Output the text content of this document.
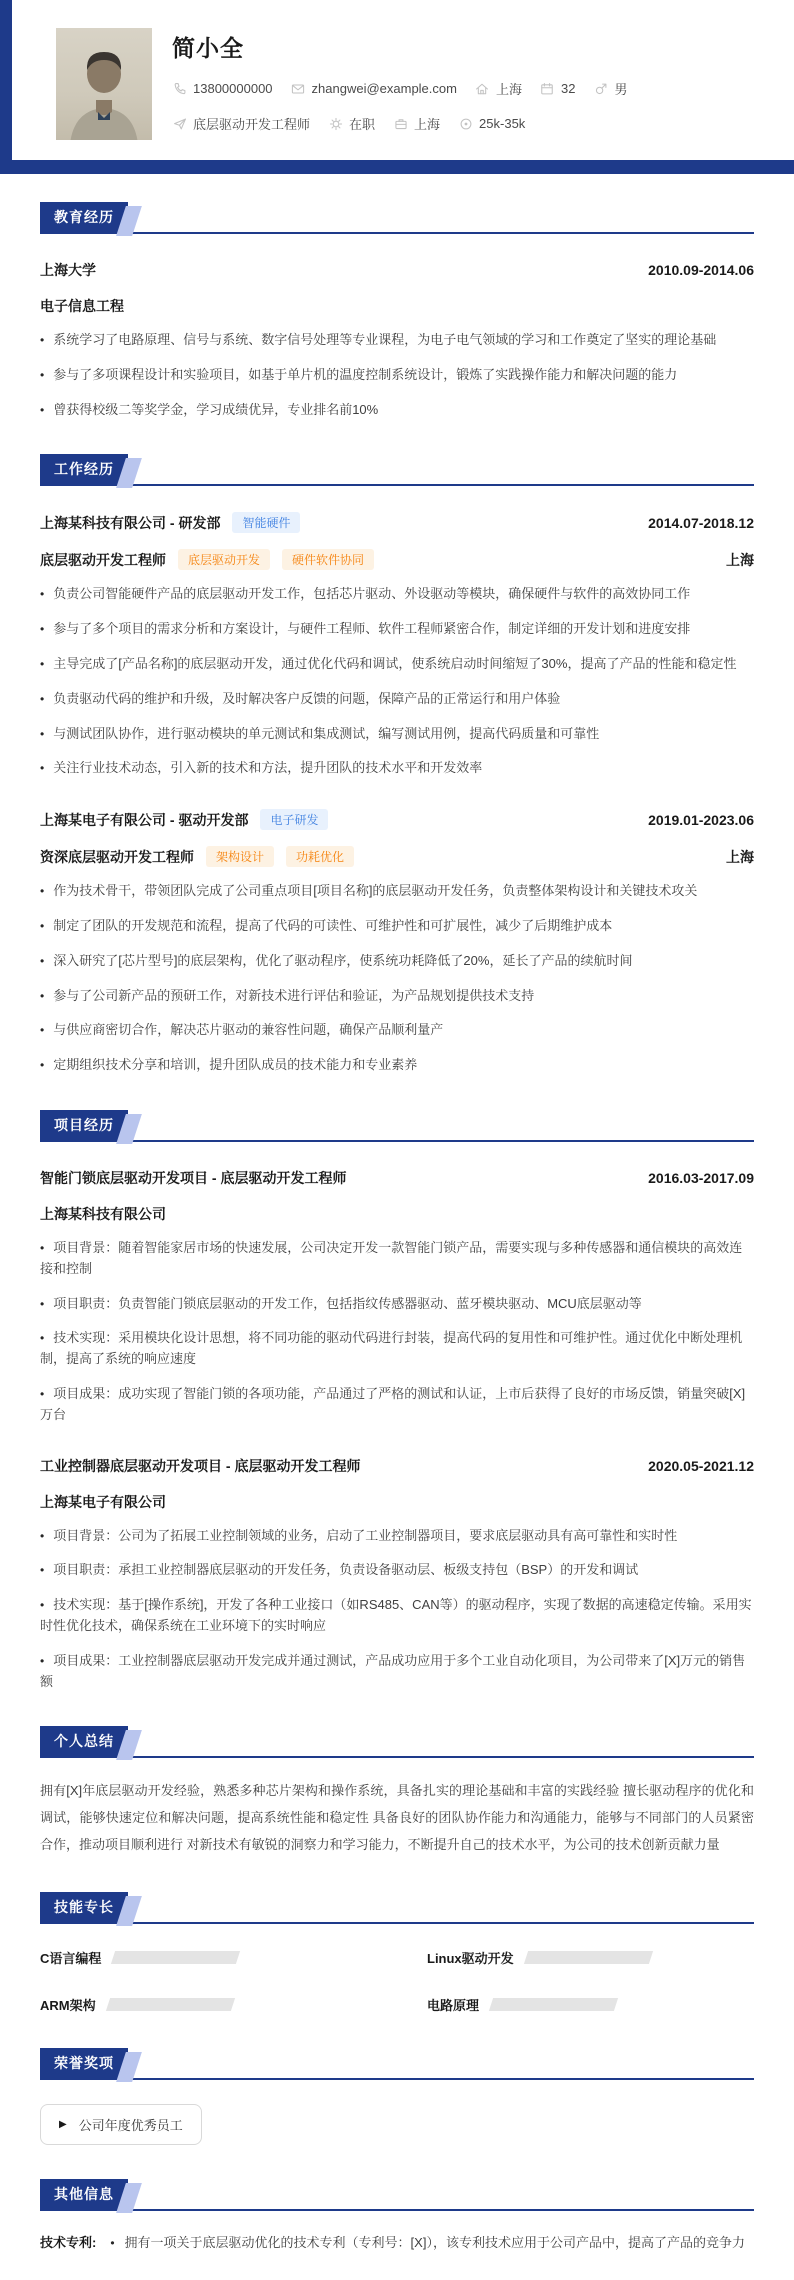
简小全
13800000000	zhangwei@example.com	上海	32	男
底层驱动开发工程师	在职	上海	25k-35k
教育经历
上海大学	2010.09-2014.06
电子信息工程
• 系统学习了电路原理、信号与系统、数字信号处理等专业课程，为电子电气领域的学习和工作奠定了坚实的理论基础
• 参与了多项课程设计和实验项目，如基于单片机的温度控制系统设计，锻炼了实践操作能力和解决问题的能力
• 曾获得校级二等奖学金，学习成绩优异，专业排名前10%
工作经历
上海某科技有限公司 - 研发部	智能硬件	2014.07-2018.12
底层驱动开发工程师	底层驱动开发	硬件软件协同	上海
• 负责公司智能硬件产品的底层驱动开发工作，包括芯片驱动、外设驱动等模块，确保硬件与软件的高效协同工作
• 参与了多个项目的需求分析和方案设计，与硬件工程师、软件工程师紧密合作，制定详细的开发计划和进度安排
• 主导完成了[产品名称]的底层驱动开发，通过优化代码和调试，使系统启动时间缩短了30%，提高了产品的性能和稳定性
• 负责驱动代码的维护和升级，及时解决客户反馈的问题，保障产品的正常运行和用户体验
• 与测试团队协作，进行驱动模块的单元测试和集成测试，编写测试用例，提高代码质量和可靠性
• 关注行业技术动态，引入新的技术和方法，提升团队的技术水平和开发效率
上海某电子有限公司 - 驱动开发部	电子研发	2019.01-2023.06
资深底层驱动开发工程师	架构设计	功耗优化	上海
• 作为技术骨干，带领团队完成了公司重点项目[项目名称]的底层驱动开发任务，负责整体架构设计和关键技术攻关
• 制定了团队的开发规范和流程，提高了代码的可读性、可维护性和可扩展性，减少了后期维护成本
• 深入研究了[芯片型号]的底层架构，优化了驱动程序，使系统功耗降低了20%，延长了产品的续航时间
• 参与了公司新产品的预研工作，对新技术进行评估和验证，为产品规划提供技术支持
• 与供应商密切合作，解决芯片驱动的兼容性问题，确保产品顺利量产
• 定期组织技术分享和培训，提升团队成员的技术能力和专业素养
项目经历
智能门锁底层驱动开发项目 - 底层驱动开发工程师	2016.03-2017.09
上海某科技有限公司
• 项目背景：随着智能家居市场的快速发展，公司决定开发一款智能门锁产品，需要实现与多种传感器和通信模块的高效连接和控制
• 项目职责：负责智能门锁底层驱动的开发工作，包括指纹传感器驱动、蓝牙模块驱动、MCU底层驱动等
• 技术实现：采用模块化设计思想，将不同功能的驱动代码进行封装，提高代码的复用性和可维护性。通过优化中断处理机制，提高了系统的响应速度
• 项目成果：成功实现了智能门锁的各项功能，产品通过了严格的测试和认证，上市后获得了良好的市场反馈，销量突破[X]万台
工业控制器底层驱动开发项目 - 底层驱动开发工程师	2020.05-2021.12
上海某电子有限公司
• 项目背景：公司为了拓展工业控制领域的业务，启动了工业控制器项目，要求底层驱动具有高可靠性和实时性
• 项目职责：承担工业控制器底层驱动的开发任务，负责设备驱动层、板级支持包（BSP）的开发和调试
• 技术实现：基于[操作系统]，开发了各种工业接口（如RS485、CAN等）的驱动程序，实现了数据的高速稳定传输。采用实时性优化技术，确保系统在工业环境下的实时响应
• 项目成果：工业控制器底层驱动开发完成并通过测试，产品成功应用于多个工业自动化项目，为公司带来了[X]万元的销售额
个人总结
拥有[X]年底层驱动开发经验，熟悉多种芯片架构和操作系统，具备扎实的理论基础和丰富的实践经验 擅长驱动程序的优化和调试，能够快速定位和解决问题，提高系统性能和稳定性 具备良好的团队协作能力和沟通能力，能够与不同部门的人员紧密合作，推动项目顺利进行 对新技术有敏锐的洞察力和学习能力，不断提升自己的技术水平，为公司的技术创新贡献力量
技能专长
C语言编程	Linux驱动开发
ARM架构	电路原理
荣誉奖项
▶ 公司年度优秀员工
其他信息
技术专利: • 拥有一项关于底层驱动优化的技术专利（专利号：[X]），该专利技术应用于公司产品中，提高了产品的竞争力
